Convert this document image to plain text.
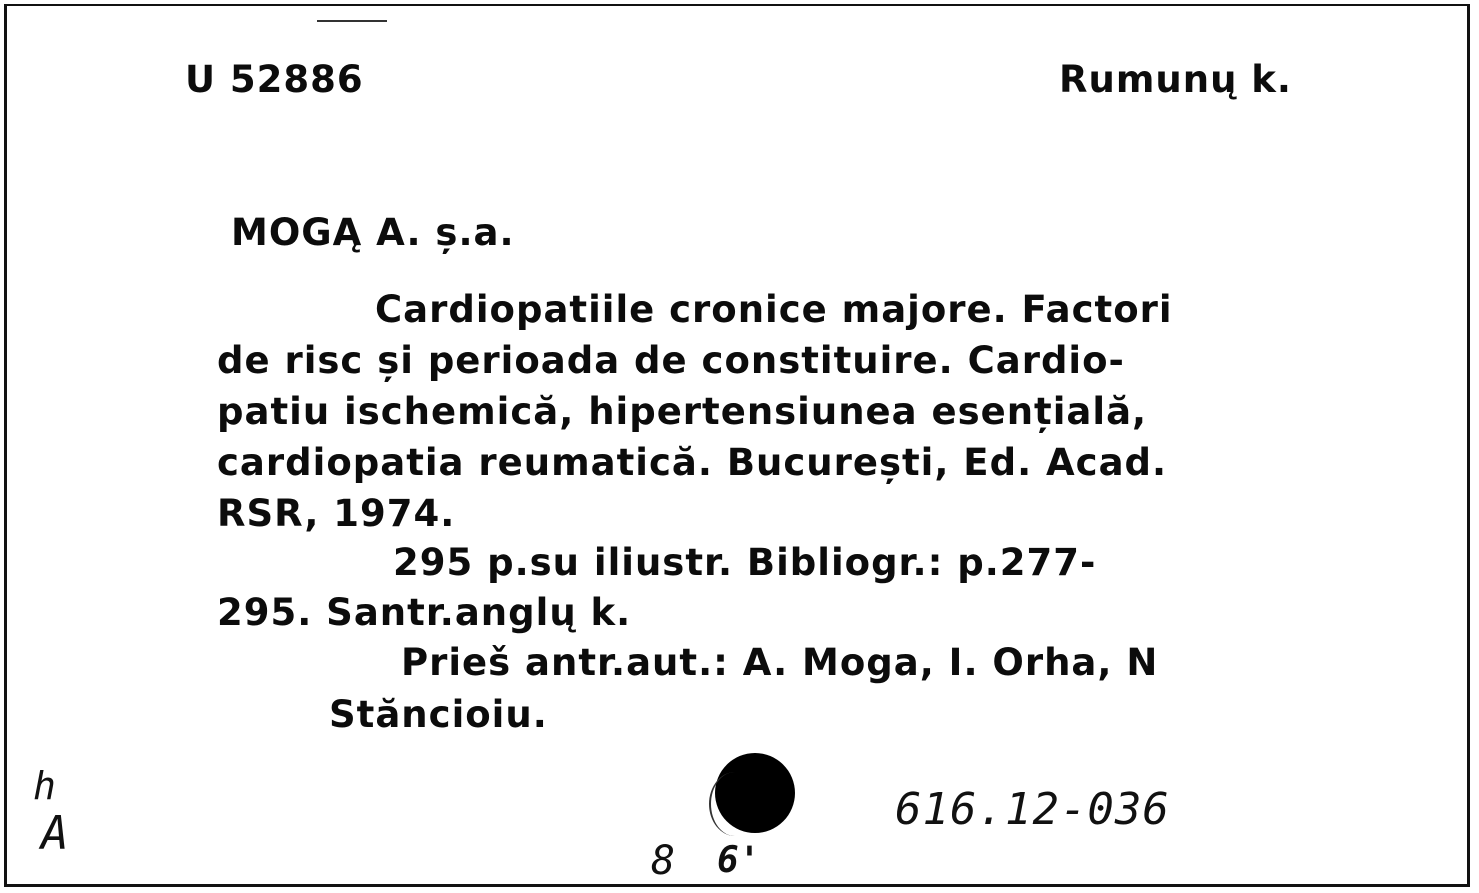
U 52886	Rumunų k.
MOGĄ A. ș.a.
Cardiopatiile cronice majore. Factori
de risc și perioada de constituire. Cardio-
patiu ischemică, hipertensiunea esențială,
cardiopatia reumatică. București, Ed. Acad.
RSR, 1974.
295 p.su iliustr. Bibliogr.: p.277-
295. Santr.anglų k.
Prieš antr.aut.: A. Moga, I. Orha, N
Stăncioiu.
h
A	616.12-036
8 6'
